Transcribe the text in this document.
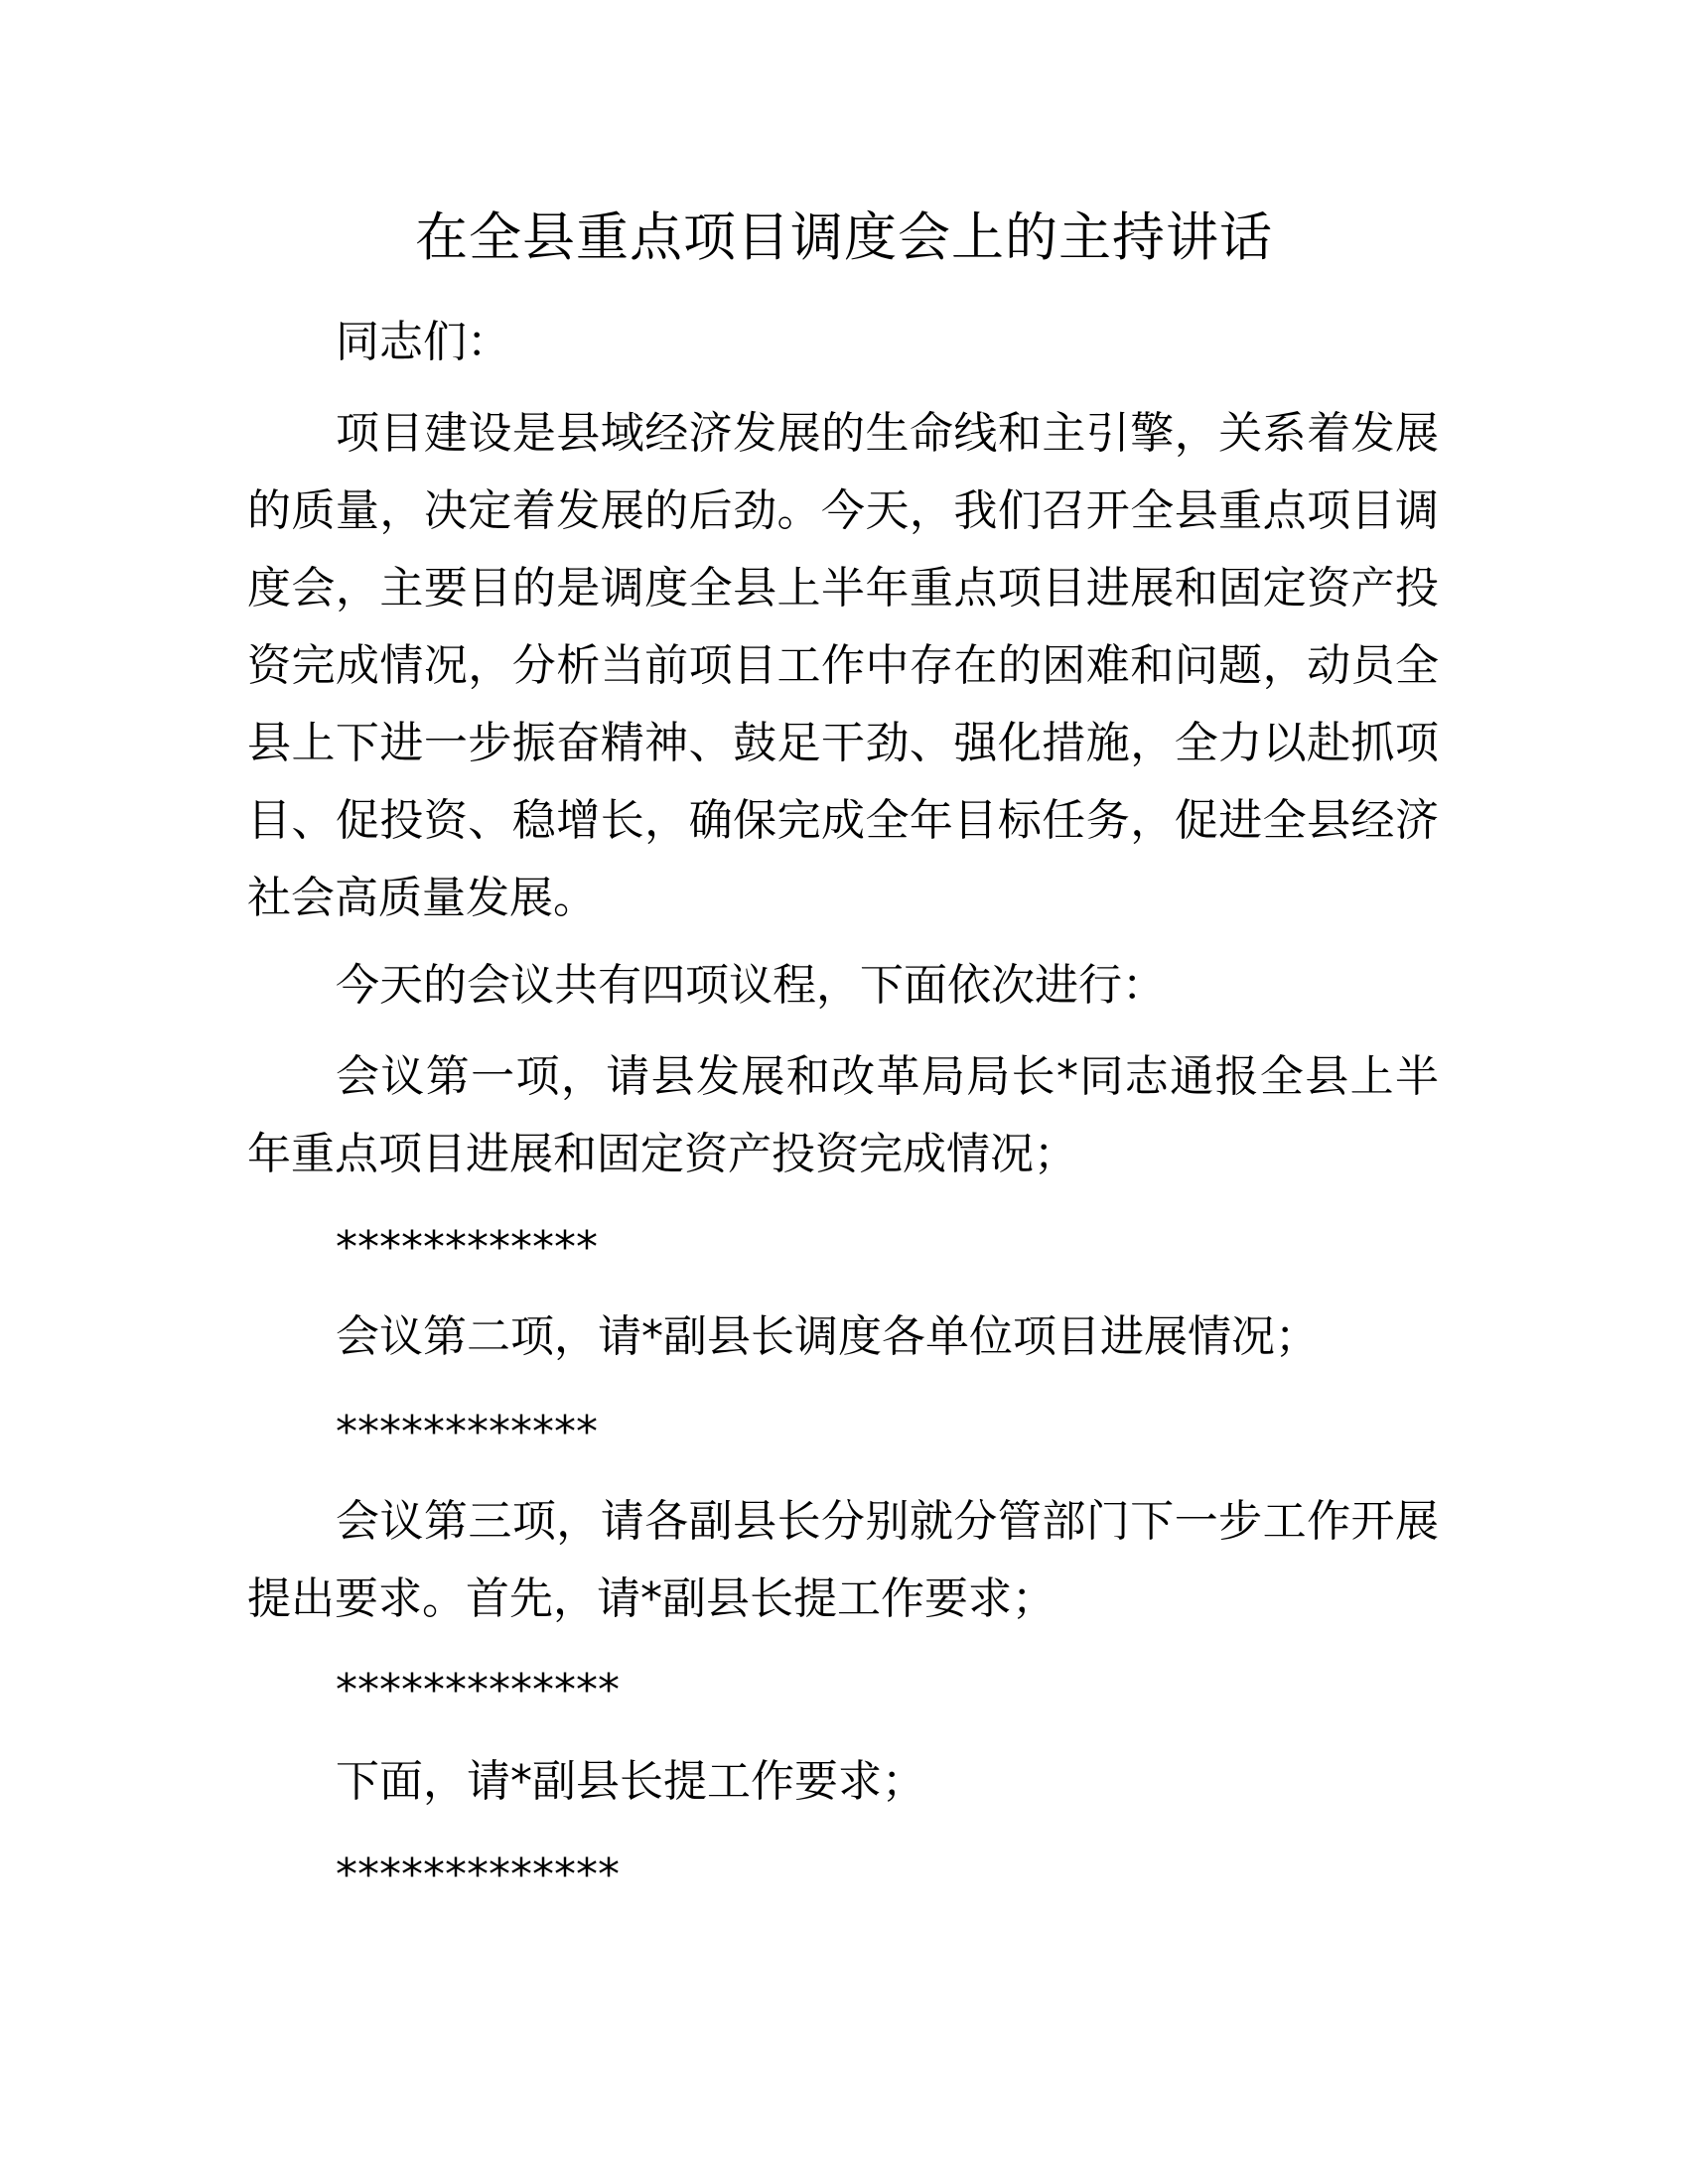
在全县重点项目调度会上的主持讲话

同志们：

项目建设是县域经济发展的生命线和主引擎，关系着发展的质量，决定着发展的后劲。今天，我们召开全县重点项目调度会，主要目的是调度全县上半年重点项目进展和固定资产投资完成情况，分析当前项目工作中存在的困难和问题，动员全县上下进一步振奋精神、鼓足干劲、强化措施，全力以赴抓项目、促投资、稳增长，确保完成全年目标任务，促进全县经济社会高质量发展。

今天的会议共有四项议程，下面依次进行：

会议第一项，请县发展和改革局局长*同志通报全县上半年重点项目进展和固定资产投资完成情况；

************

会议第二项，请*副县长调度各单位项目进展情况；

************

会议第三项，请各副县长分别就分管部门下一步工作开展提出要求。首先，请*副县长提工作要求；

*************

下面，请*副县长提工作要求；

*************
